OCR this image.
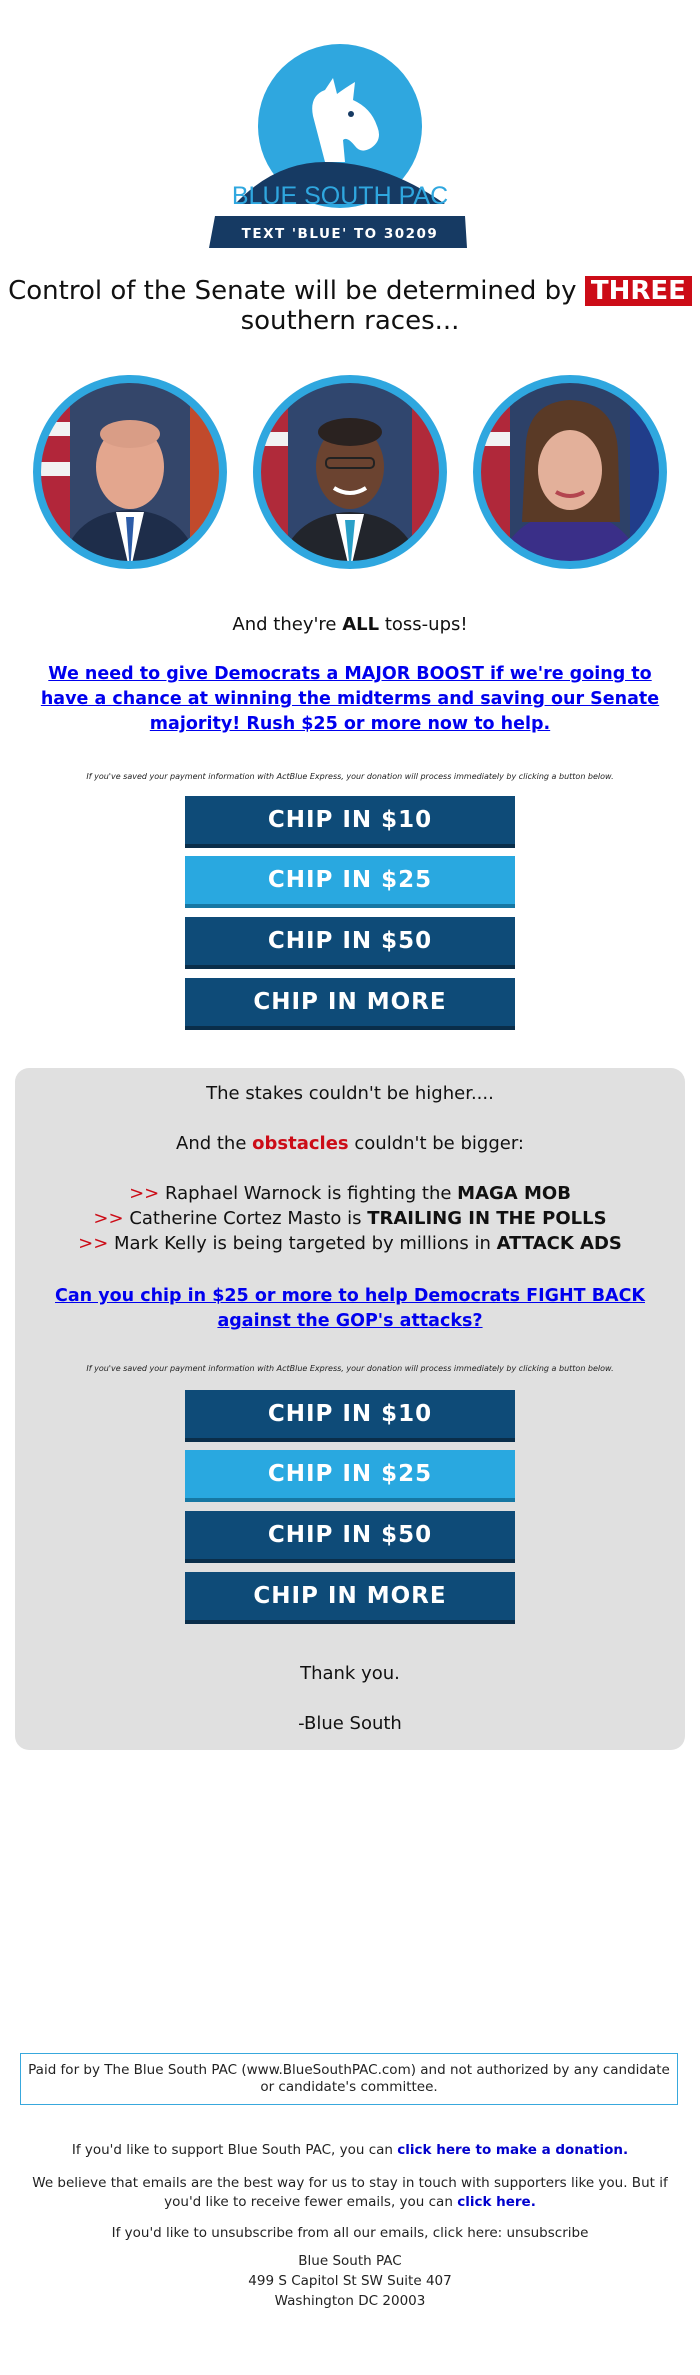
BLUE SOUTH PAC
TEXT 'BLUE' TO 30209
Control of the Senate will be determined by THREE southern races...
And they're ALL toss-ups!
We need to give Democrats a MAJOR BOOST if we're going to have a chance at winning the midterms and saving our Senate majority! Rush $25 or more now to help.
If you've saved your payment information with ActBlue Express, your donation will process immediately by clicking a button below.
CHIP IN $10
CHIP IN $25
CHIP IN $50
CHIP IN MORE
The stakes couldn't be higher....
And the obstacles couldn't be bigger:
>> Raphael Warnock is fighting the MAGA MOB
>> Catherine Cortez Masto is TRAILING IN THE POLLS
>> Mark Kelly is being targeted by millions in ATTACK ADS
Can you chip in $25 or more to help Democrats FIGHT BACK against the GOP's attacks?
If you've saved your payment information with ActBlue Express, your donation will process immediately by clicking a button below.
CHIP IN $10
CHIP IN $25
CHIP IN $50
CHIP IN MORE
Thank you.
-Blue South
Paid for by The Blue South PAC (www.BlueSouthPAC.com) and not authorized by any candidate or candidate's committee.
If you'd like to support Blue South PAC, you can click here to make a donation.
We believe that emails are the best way for us to stay in touch with supporters like you. But if you'd like to receive fewer emails, you can click here.
If you'd like to unsubscribe from all our emails, click here: unsubscribe
Blue South PAC
499 S Capitol St SW Suite 407
Washington DC 20003
